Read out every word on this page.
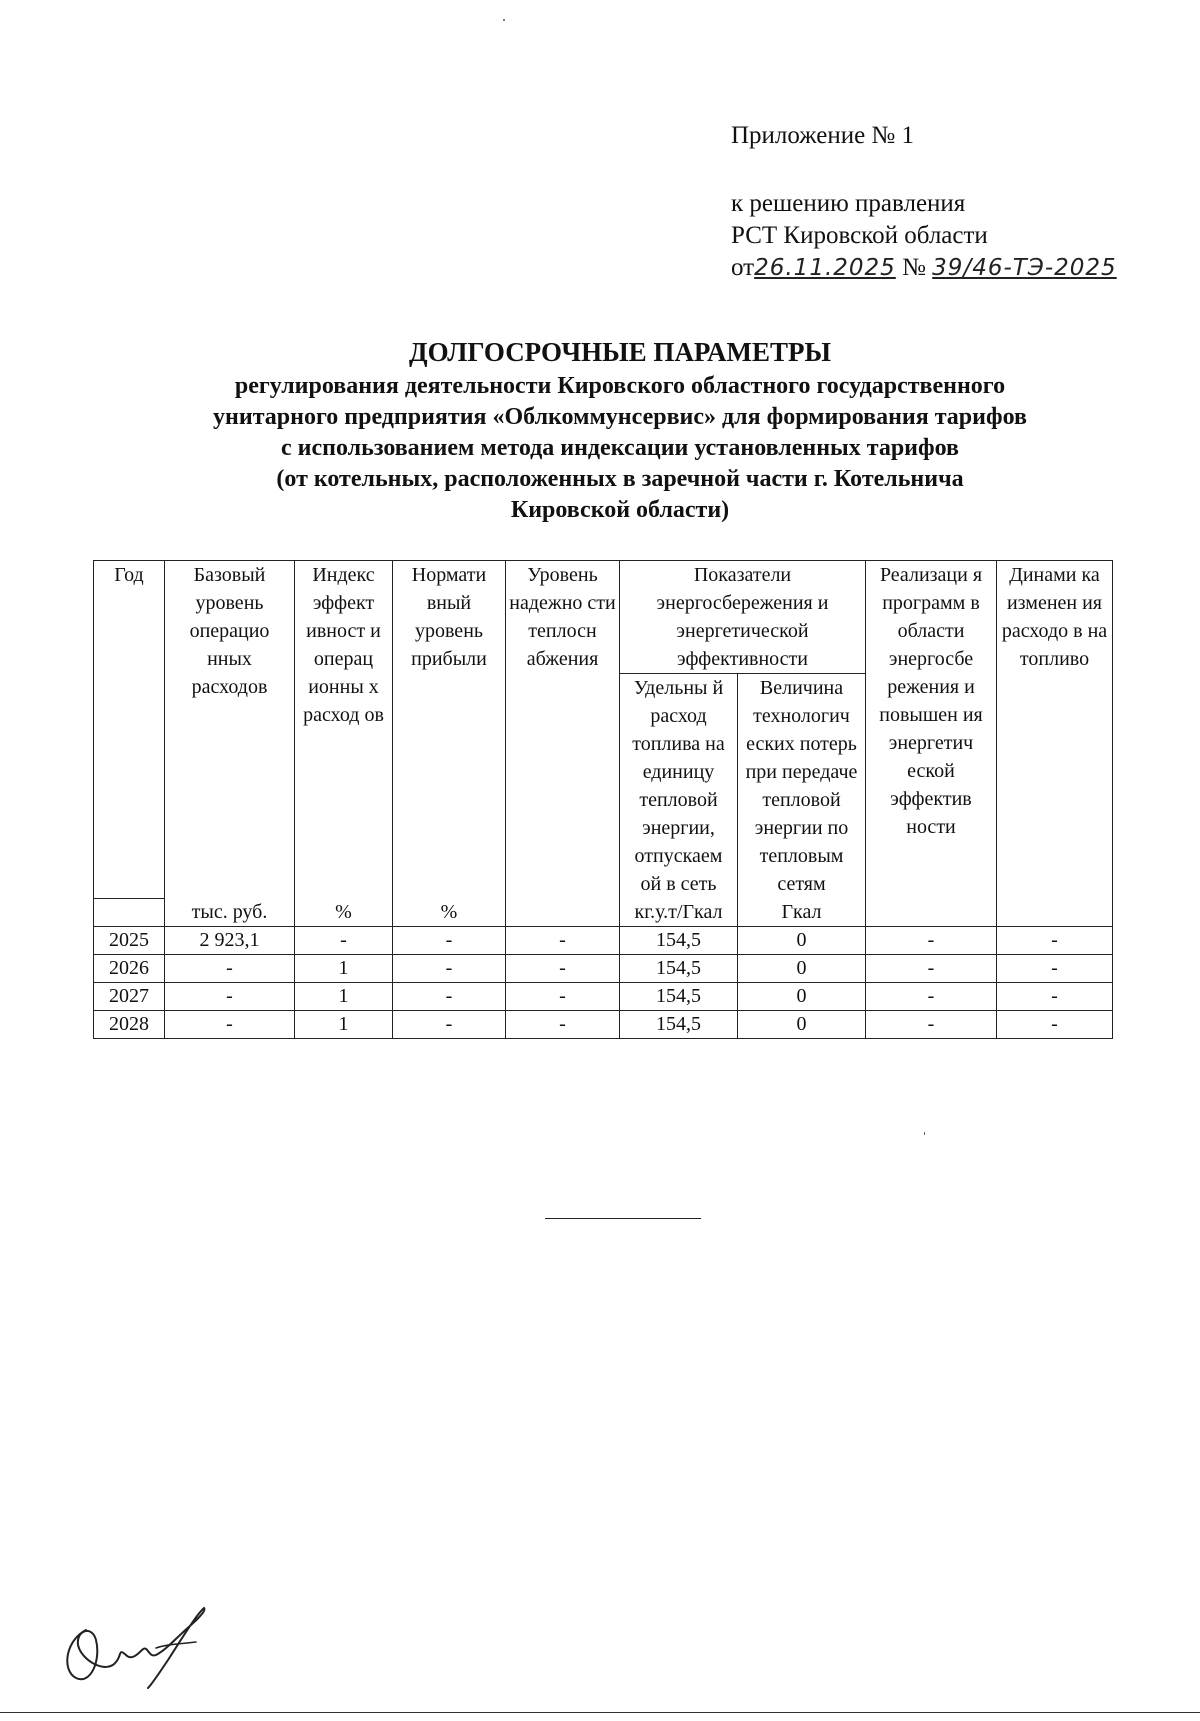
Приложение № 1
к решению правления
РСТ Кировской области
от26.11.2025 № 39/46-ТЭ-2025
ДОЛГОСРОЧНЫЕ ПАРАМЕТРЫ
регулирования деятельности Кировского областного государственного
унитарного предприятия «Облкоммунсервис» для формирования тарифов
с использованием метода индексации установленных тарифов
(от котельных, расположенных в заречной части г. Котельнича
Кировской области)
Год	Базовый уровень операцио нных расходов	Индекс эффект ивност и операц ионны х расход ов	Нормати вный уровень прибыли	Уровень надежно сти теплосн абжения	Показатели энергосбережения и энергетической эффективности		Реализаци я программ в области энергосбе режения и повышен ия энергетич еской эффектив ности	Динами ка изменен ия расходо в на топливо
					Удельны й расход топлива на единицу тепловой энергии, отпускаем ой в сеть	Величина технологич еских потерь при передаче тепловой энергии по тепловым сетям		
	тыс. руб.	%	%		кг.у.т/Гкал	Гкал		
2025	2 923,1	-	-	-	154,5	0	-	-
2026	-	1	-	-	154,5	0	-	-
2027	-	1	-	-	154,5	0	-	-
2028	-	1	-	-	154,5	0	-	-
